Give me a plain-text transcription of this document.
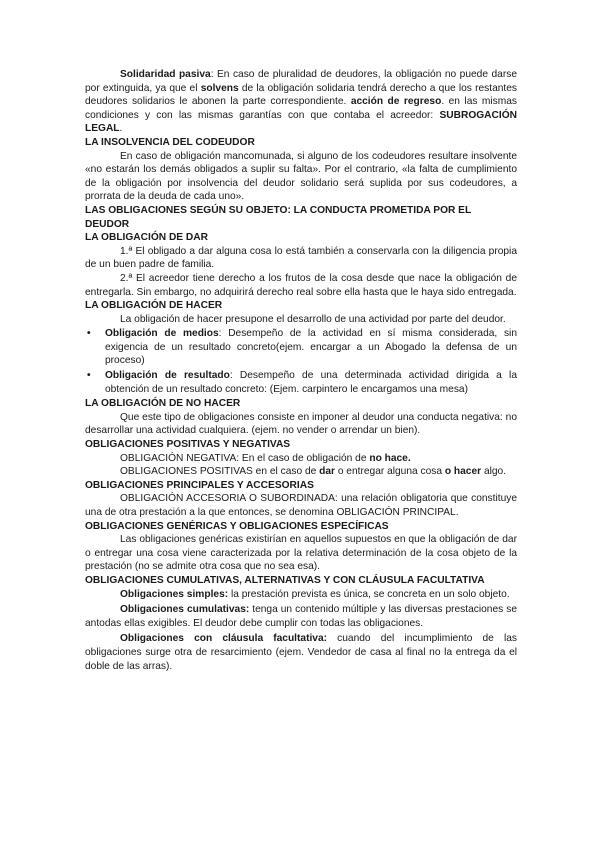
Solidaridad pasiva: En caso de pluralidad de deudores, la obligación no puede darse por extinguida, ya que el solvens de la obligación solidaria tendrá derecho a que los restantes deudores solidarios le abonen la parte correspondiente. acción de regreso. en las mismas condiciones y con las mismas garantías con que contaba el acreedor: SUBROGACIÓN LEGAL.

LA INSOLVENCIA DEL CODEUDOR

En caso de obligación mancomunada, si alguno de los codeudores resultare insolvente «no estarán los demás obligados a suplir su falta». Por el contrario, «la falta de cumplimiento de la obligación por insolvencia del deudor solidario será suplida por sus codeudores, a prorrata de la deuda de cada uno».

LAS OBLIGACIONES SEGÚN SU OBJETO: LA CONDUCTA PROMETIDA POR EL DEUDOR

LA OBLIGACIÓN DE DAR

1.ª El obligado a dar alguna cosa lo está también a conservarla con la diligencia propia de un buen padre de familia.

2.ª El acreedor tiene derecho a los frutos de la cosa desde que nace la obligación de entregarla. Sin embargo, no adquirirá derecho real sobre ella hasta que le haya sido entregada.

LA OBLIGACIÓN DE HACER

La obligación de hacer presupone el desarrollo de una actividad por parte del deudor.

• Obligación de medios: Desempeño de la actividad en sí misma considerada, sin exigencia de un resultado concreto(ejem. encargar a un Abogado la defensa de un proceso)
• Obligación de resultado: Desempeño de una determinada actividad dirigida a la obtención de un resultado concreto: (Ejem. carpintero le encargamos una mesa)

LA OBLIGACIÓN DE NO HACER

Que este tipo de obligaciones consiste en imponer al deudor una conducta negativa: no desarrollar una actividad cualquiera. (ejem. no vender o arrendar un bien).

OBLIGACIONES POSITIVAS Y NEGATIVAS

OBLIGACIÓN NEGATIVA: En el caso de obligación de no hace.

OBLIGACIONES POSITIVAS en el caso de dar o entregar alguna cosa o hacer algo.

OBLIGACIONES PRINCIPALES Y ACCESORIAS

OBLIGACIÓN ACCESORIA O SUBORDINADA: una relación obligatoria que constituye una de otra prestación a la que entonces, se denomina OBLIGACIÓN PRINCIPAL.

OBLIGACIONES GENÉRICAS Y OBLIGACIONES ESPECÍFICAS

Las obligaciones genéricas existirían en aquellos supuestos en que la obligación de dar o entregar una cosa viene caracterizada por la relativa determinación de la cosa objeto de la prestación (no se admite otra cosa que no sea esa).

OBLIGACIONES CUMULATIVAS, ALTERNATIVAS Y CON CLÁUSULA FACULTATIVA

Obligaciones simples: la prestación prevista es única, se concreta en un solo objeto.

Obligaciones cumulativas: tenga un contenido múltiple y las diversas prestaciones se antodas ellas exigibles. El deudor debe cumplir con todas las obligaciones.

Obligaciones con cláusula facultativa: cuando del incumplimiento de las obligaciones surge otra de resarcimiento (ejem. Vendedor de casa al final no la entrega da el doble de las arras).
